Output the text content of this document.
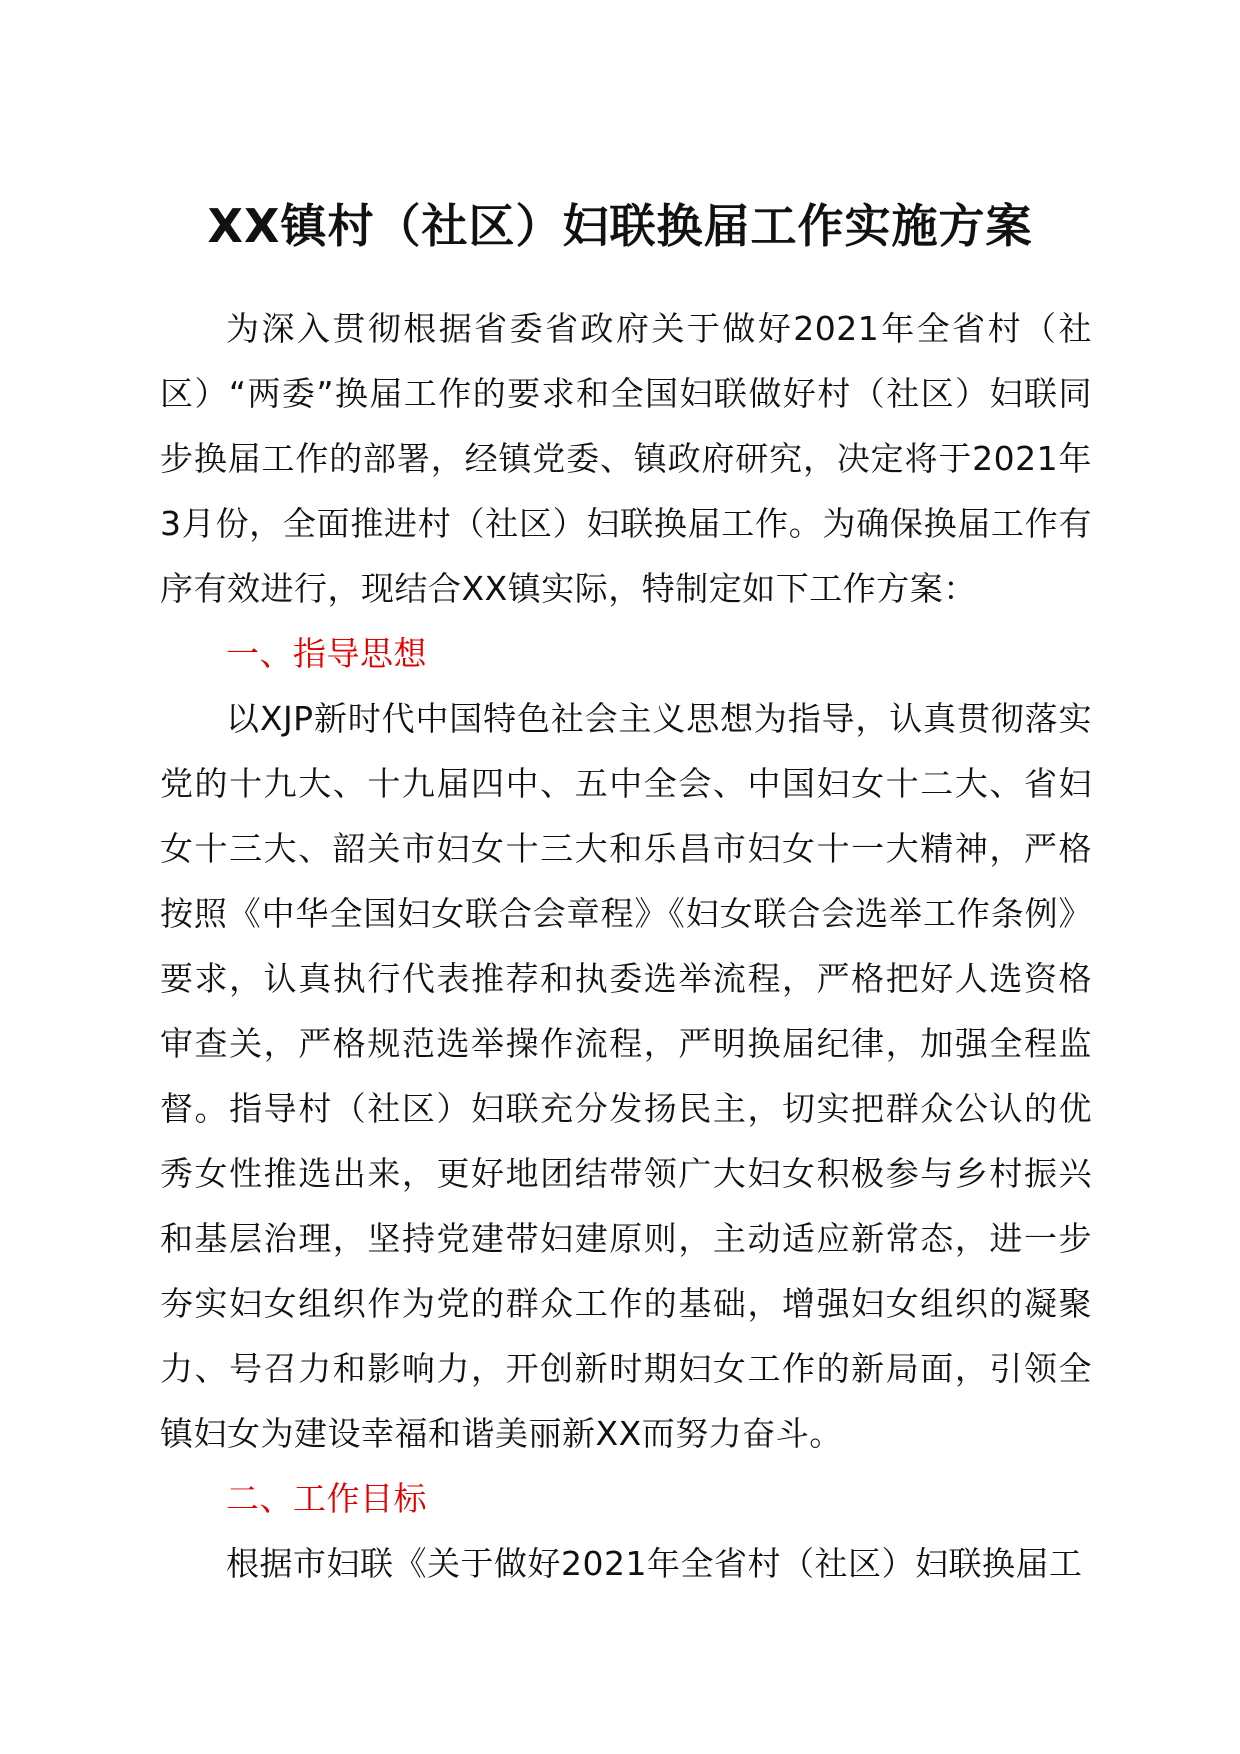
XX镇村（社区）妇联换届工作实施方案

为深入贯彻根据省委省政府关于做好2021年全省村（社区）“两委”换届工作的要求和全国妇联做好村（社区）妇联同步换届工作的部署，经镇党委、镇政府研究，决定将于2021年3月份，全面推进村（社区）妇联换届工作。为确保换届工作有序有效进行，现结合XX镇实际，特制定如下工作方案：

一、指导思想

以XJP新时代中国特色社会主义思想为指导，认真贯彻落实党的十九大、十九届四中、五中全会、中国妇女十二大、省妇女十三大、韶关市妇女十三大和乐昌市妇女十一大精神，严格按照《中华全国妇女联合会章程》《妇女联合会选举工作条例》要求，认真执行代表推荐和执委选举流程，严格把好人选资格审查关，严格规范选举操作流程，严明换届纪律，加强全程监督。指导村（社区）妇联充分发扬民主，切实把群众公认的优秀女性推选出来，更好地团结带领广大妇女积极参与乡村振兴和基层治理，坚持党建带妇建原则，主动适应新常态，进一步夯实妇女组织作为党的群众工作的基础，增强妇女组织的凝聚力、号召力和影响力，开创新时期妇女工作的新局面，引领全镇妇女为建设幸福和谐美丽新XX而努力奋斗。

二、工作目标

根据市妇联《关于做好2021年全省村（社区）妇联换届工
